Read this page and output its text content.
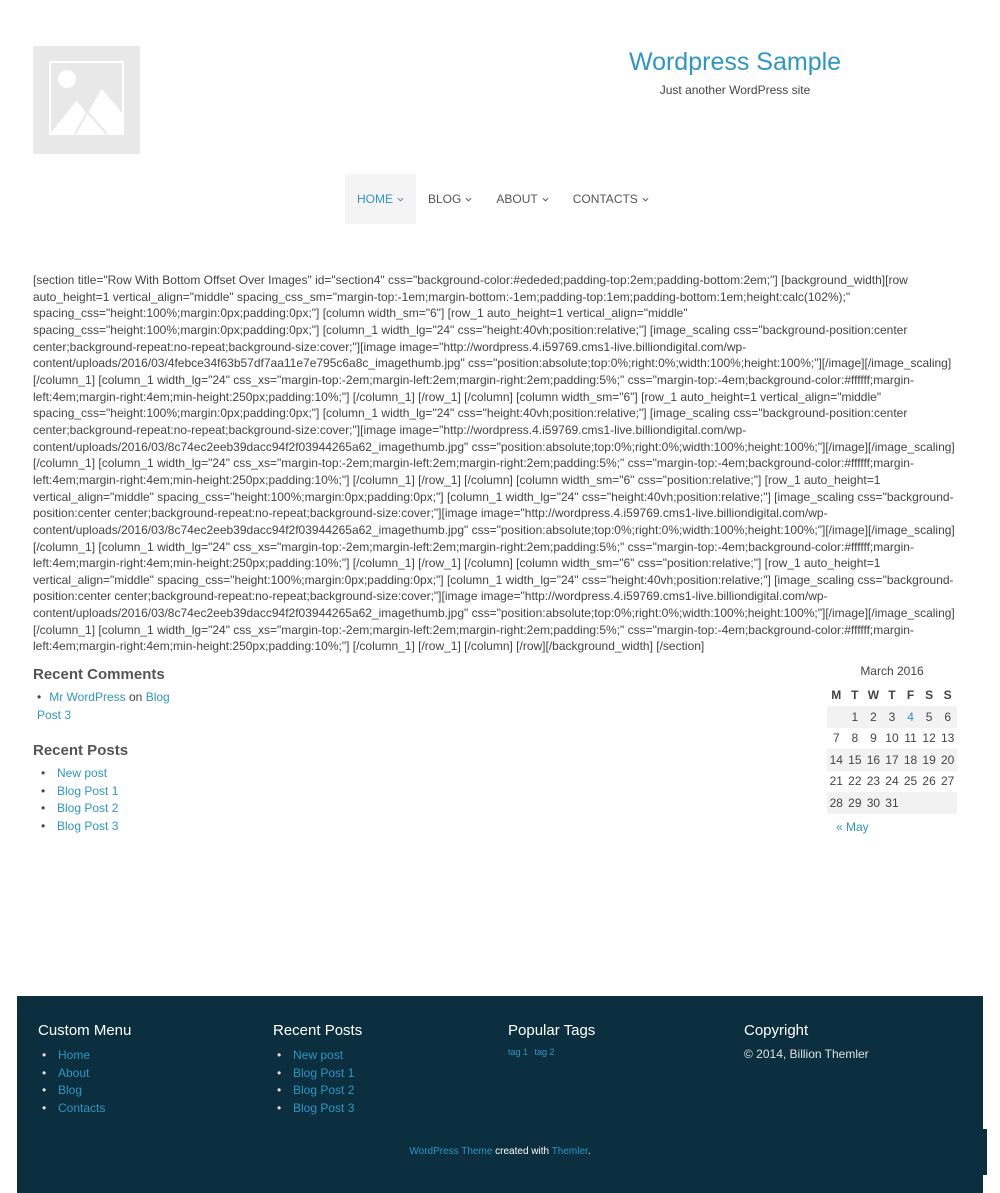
Wordpress Sample
Just another WordPress site
HOME	BLOG	ABOUT	CONTACTS

[section title="Row With Bottom Offset Over Images" id="section4" css="background-color:#ededed;padding-top:2em;padding-bottom:2em;"] [background_width][row auto_height=1 vertical_align="middle" spacing_css_sm="margin-top:-1em;margin-bottom:-1em;padding-top:1em;padding-bottom:1em;height:calc(102%);" spacing_css="height:100%;margin:0px;padding:0px;"] [column width_sm="6"] [row_1 auto_height=1 vertical_align="middle" spacing_css="height:100%;margin:0px;padding:0px;"] [column_1 width_lg="24" css="height:40vh;position:relative;"] [image_scaling css="background-position:center center;background-repeat:no-repeat;background-size:cover;"][image image="http://wordpress.4.i59769.cms1-live.billiondigital.com/wp-content/uploads/2016/03/4febce34f63b57df7aa11e7e795c6a8c_imagethumb.jpg" css="position:absolute;top:0%;right:0%;width:100%;height:100%;"][/image][/image_scaling] [/column_1] [column_1 width_lg="24" css_xs="margin-top:-2em;margin-left:2em;margin-right:2em;padding:5%;" css="margin-top:-4em;background-color:#ffffff;margin-left:4em;margin-right:4em;min-height:250px;padding:10%;"] [/column_1] [/row_1] [/column] [column width_sm="6"] [row_1 auto_height=1 vertical_align="middle" spacing_css="height:100%;margin:0px;padding:0px;"] [column_1 width_lg="24" css="height:40vh;position:relative;"] [image_scaling css="background-position:center center;background-repeat:no-repeat;background-size:cover;"][image image="http://wordpress.4.i59769.cms1-live.billiondigital.com/wp-content/uploads/2016/03/8c74ec2eeb39dacc94f2f03944265a62_imagethumb.jpg" css="position:absolute;top:0%;right:0%;width:100%;height:100%;"][/image][/image_scaling] [/column_1] [column_1 width_lg="24" css_xs="margin-top:-2em;margin-left:2em;margin-right:2em;padding:5%;" css="margin-top:-4em;background-color:#ffffff;margin-left:4em;margin-right:4em;min-height:250px;padding:10%;"] [/column_1] [/row_1] [/column] [column width_sm="6" css="position:relative;"] [row_1 auto_height=1 vertical_align="middle" spacing_css="height:100%;margin:0px;padding:0px;"] [column_1 width_lg="24" css="height:40vh;position:relative;"] [image_scaling css="background-position:center center;background-repeat:no-repeat;background-size:cover;"][image image="http://wordpress.4.i59769.cms1-live.billiondigital.com/wp-content/uploads/2016/03/8c74ec2eeb39dacc94f2f03944265a62_imagethumb.jpg" css="position:absolute;top:0%;right:0%;width:100%;height:100%;"][/image][/image_scaling] [/column_1] [column_1 width_lg="24" css_xs="margin-top:-2em;margin-left:2em;margin-right:2em;padding:5%;" css="margin-top:-4em;background-color:#ffffff;margin-left:4em;margin-right:4em;min-height:250px;padding:10%;"] [/column_1] [/row_1] [/column] [column width_sm="6" css="position:relative;"] [row_1 auto_height=1 vertical_align="middle" spacing_css="height:100%;margin:0px;padding:0px;"] [column_1 width_lg="24" css="height:40vh;position:relative;"] [image_scaling css="background-position:center center;background-repeat:no-repeat;background-size:cover;"][image image="http://wordpress.4.i59769.cms1-live.billiondigital.com/wp-content/uploads/2016/03/8c74ec2eeb39dacc94f2f03944265a62_imagethumb.jpg" css="position:absolute;top:0%;right:0%;width:100%;height:100%;"][/image][/image_scaling] [/column_1] [column_1 width_lg="24" css_xs="margin-top:-2em;margin-left:2em;margin-right:2em;padding:5%;" css="margin-top:-4em;background-color:#ffffff;margin-left:4em;margin-right:4em;min-height:250px;padding:10%;"] [/column_1] [/row_1] [/column] [/row][/background_width] [/section]

Recent Comments
• Mr WordPress on Blog Post 3
Recent Posts
• New post
• Blog Post 1
• Blog Post 2
• Blog Post 3
March 2016
M	T	W	T	F	S	S
	1	2	3	4	5	6
7	8	9	10	11	12	13
14	15	16	17	18	19	20
21	22	23	24	25	26	27
28	29	30	31			
« May
Custom Menu
• Home
• About
• Blog
• Contacts
Recent Posts
• New post
• Blog Post 1
• Blog Post 2
• Blog Post 3
Popular Tags
tag 1 tag 2
Copyright
© 2014, Billion Themler
WordPress Theme created with Themler.
